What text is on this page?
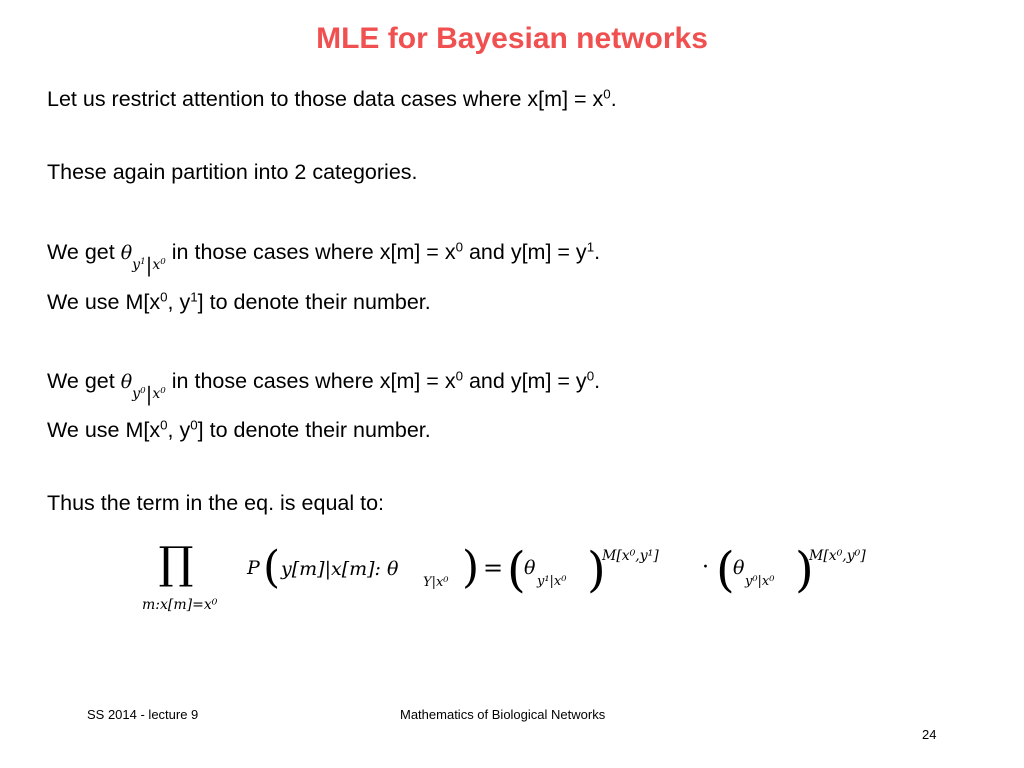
MLE for Bayesian networks
Let us restrict attention to those data cases where $x[m] = x^0$.
These again partition into 2 categories.
We get $\theta y^1|x^0$ in those cases where $x[m] = x^0$ and $y[m] = y^1$.
We use $M[x^0$, $y^1$] to denote their number.
We get $\theta y^0|x^0$ in those cases where $x[m] = x^0$ and $y[m] = y^0$.
We use $M[x^0$, $y^0$] to denote their number.
Thus the term in the eq. is equal to:
∏
m:x[m]=x⁰
P ( y[m]|x[m]: θ
Y|x⁰ ) = (
θ
y¹|x⁰ )
M[x⁰,y¹] · (
θ
y⁰|x⁰ )
M[x⁰,y⁰]
SS 2014 - lecture 9	Mathematics of Biological Networks
24
